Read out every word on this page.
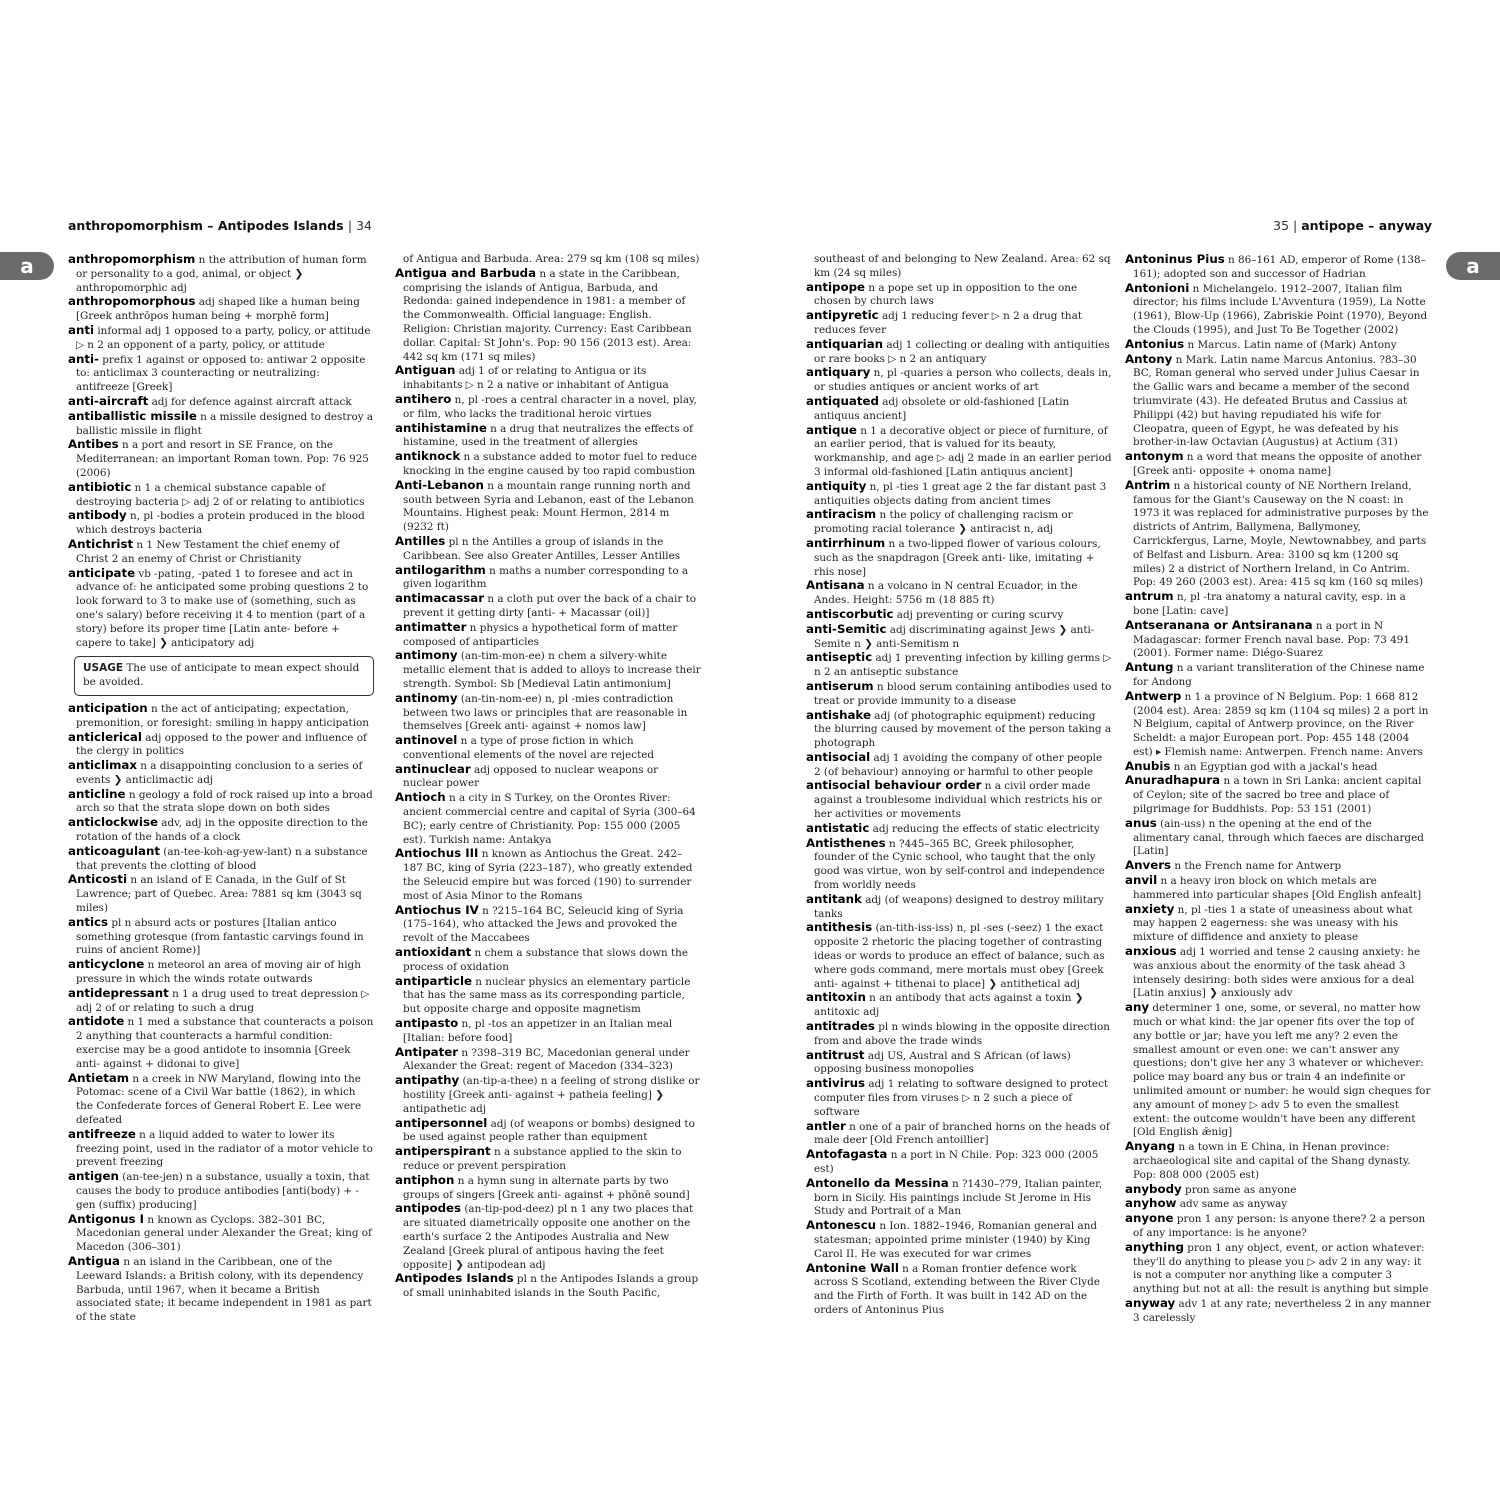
anthropomorphism – Antipodes Islands | 34
a	anthropomorphism n the attribution of human form or personality to a god, animal, or object ❯ anthropomorphic adj

anthropomorphous adj shaped like a human being [Greek anthrōpos human being + morphē form]

anti informal adj 1 opposed to a party, policy, or attitude ▷ n 2 an opponent of a party, policy, or attitude

anti- prefix 1 against or opposed to: antiwar 2 opposite to: anticlimax 3 counteracting or neutralizing: antifreeze [Greek]

anti-aircraft adj for defence against aircraft attack

antiballistic missile n a missile designed to destroy a ballistic missile in flight

Antibes n a port and resort in SE France, on the Mediterranean: an important Roman town. Pop: 76 925 (2006)

antibiotic n 1 a chemical substance capable of destroying bacteria ▷ adj 2 of or relating to antibiotics

antibody n, pl -bodies a protein produced in the blood which destroys bacteria

Antichrist n 1 New Testament the chief enemy of Christ 2 an enemy of Christ or Christianity

anticipate vb -pating, -pated 1 to foresee and act in advance of: he anticipated some probing questions 2 to look forward to 3 to make use of (something, such as one's salary) before receiving it 4 to mention (part of a story) before its proper time [Latin ante- before + capere to take] ❯ anticipatory adj

USAGE The use of anticipate to mean expect should be avoided.

anticipation n the act of anticipating; expectation, premonition, or foresight: smiling in happy anticipation

anticlerical adj opposed to the power and influence of the clergy in politics

anticlimax n a disappointing conclusion to a series of events ❯ anticlimactic adj

anticline n geology a fold of rock raised up into a broad arch so that the strata slope down on both sides

anticlockwise adv, adj in the opposite direction to the rotation of the hands of a clock

anticoagulant (an-tee-koh-ag-yew-lant) n a substance that prevents the clotting of blood

Anticosti n an island of E Canada, in the Gulf of St Lawrence; part of Quebec. Area: 7881 sq km (3043 sq miles)

antics pl n absurd acts or postures [Italian antico something grotesque (from fantastic carvings found in ruins of ancient Rome)]

anticyclone n meteorol an area of moving air of high pressure in which the winds rotate outwards

antidepressant n 1 a drug used to treat depression ▷ adj 2 of or relating to such a drug

antidote n 1 med a substance that counteracts a poison 2 anything that counteracts a harmful condition: exercise may be a good antidote to insomnia [Greek anti- against + didonai to give]

Antietam n a creek in NW Maryland, flowing into the Potomac: scene of a Civil War battle (1862), in which the Confederate forces of General Robert E. Lee were defeated

antifreeze n a liquid added to water to lower its freezing point, used in the radiator of a motor vehicle to prevent freezing

antigen (an-tee-jen) n a substance, usually a toxin, that causes the body to produce antibodies [anti(body) + -gen (suffix) producing]

Antigonus I n known as Cyclops. 382–301 BC, Macedonian general under Alexander the Great; king of Macedon (306–301)

Antigua n an island in the Caribbean, one of the Leeward Islands: a British colony, with its dependency Barbuda, until 1967, when it became a British associated state; it became independent in 1981 as part of the state

of Antigua and Barbuda. Area: 279 sq km (108 sq miles)

Antigua and Barbuda n a state in the Caribbean, comprising the islands of Antigua, Barbuda, and Redonda: gained independence in 1981: a member of the Commonwealth. Official language: English. Religion: Christian majority. Currency: East Caribbean dollar. Capital: St John's. Pop: 90 156 (2013 est). Area: 442 sq km (171 sq miles)

Antiguan adj 1 of or relating to Antigua or its inhabitants ▷ n 2 a native or inhabitant of Antigua

antihero n, pl -roes a central character in a novel, play, or film, who lacks the traditional heroic virtues

antihistamine n a drug that neutralizes the effects of histamine, used in the treatment of allergies

antiknock n a substance added to motor fuel to reduce knocking in the engine caused by too rapid combustion

Anti-Lebanon n a mountain range running north and south between Syria and Lebanon, east of the Lebanon Mountains. Highest peak: Mount Hermon, 2814 m (9232 ft)

Antilles pl n the Antilles a group of islands in the Caribbean. See also Greater Antilles, Lesser Antilles

antilogarithm n maths a number corresponding to a given logarithm

antimacassar n a cloth put over the back of a chair to prevent it getting dirty [anti- + Macassar (oil)]

antimatter n physics a hypothetical form of matter composed of antiparticles

antimony (an-tim-mon-ee) n chem a silvery-white metallic element that is added to alloys to increase their strength. Symbol: Sb [Medieval Latin antimonium]

antinomy (an-tin-nom-ee) n, pl -mies contradiction between two laws or principles that are reasonable in themselves [Greek anti- against + nomos law]

antinovel n a type of prose fiction in which conventional elements of the novel are rejected

antinuclear adj opposed to nuclear weapons or nuclear power

Antioch n a city in S Turkey, on the Orontes River: ancient commercial centre and capital of Syria (300–64 BC); early centre of Christianity. Pop: 155 000 (2005 est). Turkish name: Antakya

Antiochus III n known as Antiochus the Great. 242–187 BC, king of Syria (223–187), who greatly extended the Seleucid empire but was forced (190) to surrender most of Asia Minor to the Romans

Antiochus IV n ?215–164 BC, Seleucid king of Syria (175–164), who attacked the Jews and provoked the revolt of the Maccabees

antioxidant n chem a substance that slows down the process of oxidation

antiparticle n nuclear physics an elementary particle that has the same mass as its corresponding particle, but opposite charge and opposite magnetism

antipasto n, pl -tos an appetizer in an Italian meal [Italian: before food]

Antipater n ?398–319 BC, Macedonian general under Alexander the Great: regent of Macedon (334–323)

antipathy (an-tip-a-thee) n a feeling of strong dislike or hostility [Greek anti- against + patheia feeling] ❯ antipathetic adj

antipersonnel adj (of weapons or bombs) designed to be used against people rather than equipment

antiperspirant n a substance applied to the skin to reduce or prevent perspiration

antiphon n a hymn sung in alternate parts by two groups of singers [Greek anti- against + phōnē sound]

antipodes (an-tip-pod-deez) pl n 1 any two places that are situated diametrically opposite one another on the earth's surface 2 the Antipodes Australia and New Zealand [Greek plural of antipous having the feet opposite] ❯ antipodean adj

Antipodes Islands pl n the Antipodes Islands a group of small uninhabited islands in the South Pacific,

35 | antipope – anyway
a

southeast of and belonging to New Zealand. Area: 62 sq km (24 sq miles)

antipope n a pope set up in opposition to the one chosen by church laws

antipyretic adj 1 reducing fever ▷ n 2 a drug that reduces fever

antiquarian adj 1 collecting or dealing with antiquities or rare books ▷ n 2 an antiquary

antiquary n, pl -quaries a person who collects, deals in, or studies antiques or ancient works of art

antiquated adj obsolete or old-fashioned [Latin antiquus ancient]

antique n 1 a decorative object or piece of furniture, of an earlier period, that is valued for its beauty, workmanship, and age ▷ adj 2 made in an earlier period 3 informal old-fashioned [Latin antiquus ancient]

antiquity n, pl -ties 1 great age 2 the far distant past 3 antiquities objects dating from ancient times

antiracism n the policy of challenging racism or promoting racial tolerance ❯ antiracist n, adj

antirrhinum n a two-lipped flower of various colours, such as the snapdragon [Greek anti- like, imitating + rhis nose]

Antisana n a volcano in N central Ecuador, in the Andes. Height: 5756 m (18 885 ft)

antiscorbutic adj preventing or curing scurvy

anti-Semitic adj discriminating against Jews ❯ anti-Semite n ❯ anti-Semitism n

antiseptic adj 1 preventing infection by killing germs ▷ n 2 an antiseptic substance

antiserum n blood serum containing antibodies used to treat or provide immunity to a disease

antishake adj (of photographic equipment) reducing the blurring caused by movement of the person taking a photograph

antisocial adj 1 avoiding the company of other people 2 (of behaviour) annoying or harmful to other people

antisocial behaviour order n a civil order made against a troublesome individual which restricts his or her activities or movements

antistatic adj reducing the effects of static electricity

Antisthenes n ?445–365 BC, Greek philosopher, founder of the Cynic school, who taught that the only good was virtue, won by self-control and independence from worldly needs

antitank adj (of weapons) designed to destroy military tanks

antithesis (an-tith-iss-iss) n, pl -ses (-seez) 1 the exact opposite 2 rhetoric the placing together of contrasting ideas or words to produce an effect of balance, such as where gods command, mere mortals must obey [Greek anti- against + tithenai to place] ❯ antithetical adj

antitoxin n an antibody that acts against a toxin ❯ antitoxic adj

antitrades pl n winds blowing in the opposite direction from and above the trade winds

antitrust adj US, Austral and S African (of laws) opposing business monopolies

antivirus adj 1 relating to software designed to protect computer files from viruses ▷ n 2 such a piece of software

antler n one of a pair of branched horns on the heads of male deer [Old French antoillier]

Antofagasta n a port in N Chile. Pop: 323 000 (2005 est)

Antonello da Messina n ?1430–?79, Italian painter, born in Sicily. His paintings include St Jerome in His Study and Portrait of a Man

Antonescu n Ion. 1882–1946, Romanian general and statesman; appointed prime minister (1940) by King Carol II. He was executed for war crimes

Antonine Wall n a Roman frontier defence work across S Scotland, extending between the River Clyde and the Firth of Forth. It was built in 142 AD on the orders of Antoninus Pius

Antoninus Pius n 86–161 AD, emperor of Rome (138–161); adopted son and successor of Hadrian

Antonioni n Michelangelo. 1912–2007, Italian film director; his films include L'Avventura (1959), La Notte (1961), Blow-Up (1966), Zabriskie Point (1970), Beyond the Clouds (1995), and Just To Be Together (2002)

Antonius n Marcus. Latin name of (Mark) Antony

Antony n Mark. Latin name Marcus Antonius. ?83–30 BC, Roman general who served under Julius Caesar in the Gallic wars and became a member of the second triumvirate (43). He defeated Brutus and Cassius at Philippi (42) but having repudiated his wife for Cleopatra, queen of Egypt, he was defeated by his brother-in-law Octavian (Augustus) at Actium (31)

antonym n a word that means the opposite of another [Greek anti- opposite + onoma name]

Antrim n a historical county of NE Northern Ireland, famous for the Giant's Causeway on the N coast: in 1973 it was replaced for administrative purposes by the districts of Antrim, Ballymena, Ballymoney, Carrickfergus, Larne, Moyle, Newtownabbey, and parts of Belfast and Lisburn. Area: 3100 sq km (1200 sq miles) 2 a district of Northern Ireland, in Co Antrim. Pop: 49 260 (2003 est). Area: 415 sq km (160 sq miles)

antrum n, pl -tra anatomy a natural cavity, esp. in a bone [Latin: cave]

Antseranana or Antsiranana n a port in N Madagascar: former French naval base. Pop: 73 491 (2001). Former name: Diégo-Suarez

Antung n a variant transliteration of the Chinese name for Andong

Antwerp n 1 a province of N Belgium. Pop: 1 668 812 (2004 est). Area: 2859 sq km (1104 sq miles) 2 a port in N Belgium, capital of Antwerp province, on the River Scheldt: a major European port. Pop: 455 148 (2004 est) ▸ Flemish name: Antwerpen. French name: Anvers

Anubis n an Egyptian god with a jackal's head

Anuradhapura n a town in Sri Lanka: ancient capital of Ceylon; site of the sacred bo tree and place of pilgrimage for Buddhists. Pop: 53 151 (2001)

anus (ain-uss) n the opening at the end of the alimentary canal, through which faeces are discharged [Latin]

Anvers n the French name for Antwerp

anvil n a heavy iron block on which metals are hammered into particular shapes [Old English anfealt]

anxiety n, pl -ties 1 a state of uneasiness about what may happen 2 eagerness: she was uneasy with his mixture of diffidence and anxiety to please

anxious adj 1 worried and tense 2 causing anxiety: he was anxious about the enormity of the task ahead 3 intensely desiring: both sides were anxious for a deal [Latin anxius] ❯ anxiously adv

any determiner 1 one, some, or several, no matter how much or what kind: the jar opener fits over the top of any bottle or jar; have you left me any? 2 even the smallest amount or even one: we can't answer any questions; don't give her any 3 whatever or whichever: police may board any bus or train 4 an indefinite or unlimited amount or number: he would sign cheques for any amount of money ▷ adv 5 to even the smallest extent: the outcome wouldn't have been any different [Old English ǣnig]

Anyang n a town in E China, in Henan province: archaeological site and capital of the Shang dynasty. Pop: 808 000 (2005 est)

anybody pron same as anyone

anyhow adv same as anyway

anyone pron 1 any person: is anyone there? 2 a person of any importance: is he anyone?

anything pron 1 any object, event, or action whatever: they'll do anything to please you ▷ adv 2 in any way: it is not a computer nor anything like a computer 3 anything but not at all: the result is anything but simple

anyway adv 1 at any rate; nevertheless 2 in any manner 3 carelessly
